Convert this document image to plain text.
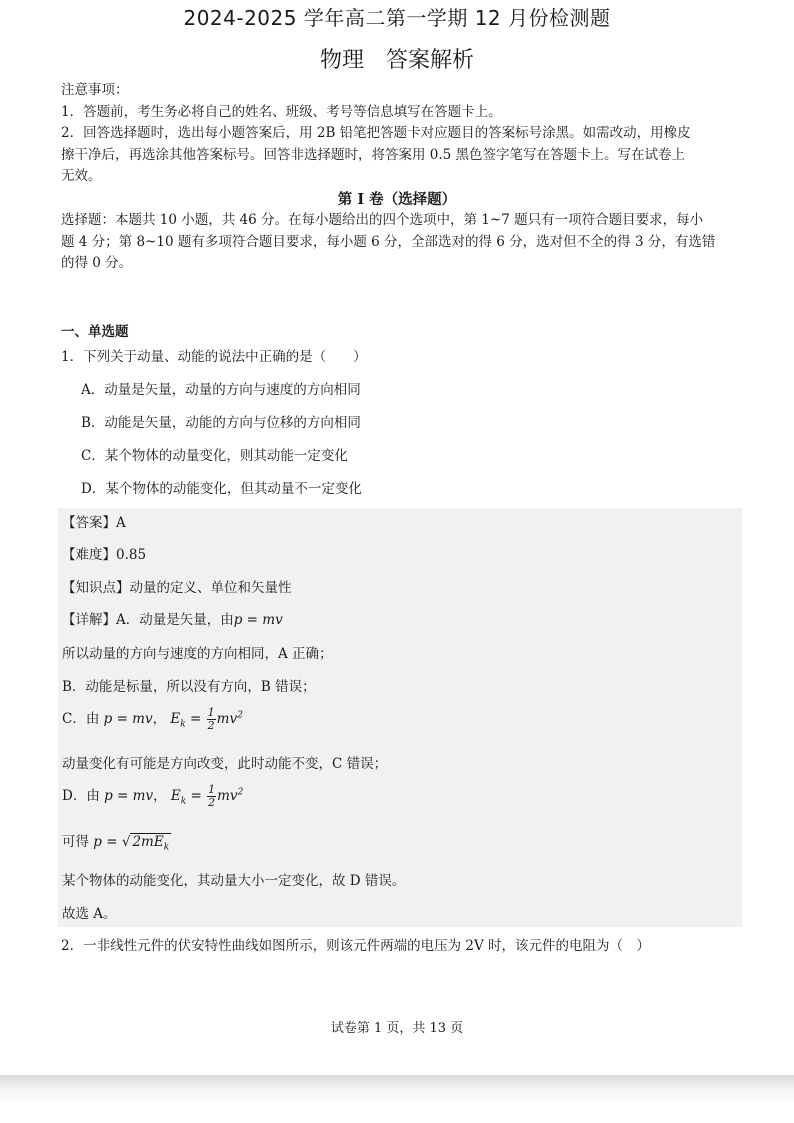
2024-2025 学年高二第一学期 12 月份检测题
物理　答案解析
注意事项：
1．答题前，考生务必将自己的姓名、班级、考号等信息填写在答题卡上。
2．回答选择题时，选出每小题答案后，用 2B 铅笔把答题卡对应题目的答案标号涂黑。如需改动，用橡皮
擦干净后，再选涂其他答案标号。回答非选择题时，将答案用 0.5 黑色签字笔写在答题卡上。写在试卷上
无效。
第 I 卷（选择题）
选择题：本题共 10 小题，共 46 分。在每小题给出的四个选项中，第 1~7 题只有一项符合题目要求，每小
题 4 分；第 8~10 题有多项符合题目要求，每小题 6 分，全部选对的得 6 分，选对但不全的得 3 分，有选错
的得 0 分。
一、单选题
1．下列关于动量、动能的说法中正确的是（　　）
A．动量是矢量，动量的方向与速度的方向相同
B．动能是矢量，动能的方向与位移的方向相同
C．某个物体的动量变化，则其动能一定变化
D．某个物体的动能变化，但其动量不一定变化
【答案】A
【难度】0.85
【知识点】动量的定义、单位和矢量性
【详解】A．动量是矢量，由p = mv
所以动量的方向与速度的方向相同，A 正确；
B．动能是标量，所以没有方向，B 错误；
C．由 p = mv， $E_k = \frac{1}{2} mv^2$
动量变化有可能是方向改变，此时动能不变，C 错误；
D．由 p = mv， $E_k = \frac{1}{2} mv^2$
可得 p = √ $2mE_k$
某个物体的动能变化，其动量大小一定变化，故 D 错误。
故选 A。
2．一非线性元件的伏安特性曲线如图所示，则该元件两端的电压为 2V 时，该元件的电阻为（　）
试卷第 1 页，共 13 页
